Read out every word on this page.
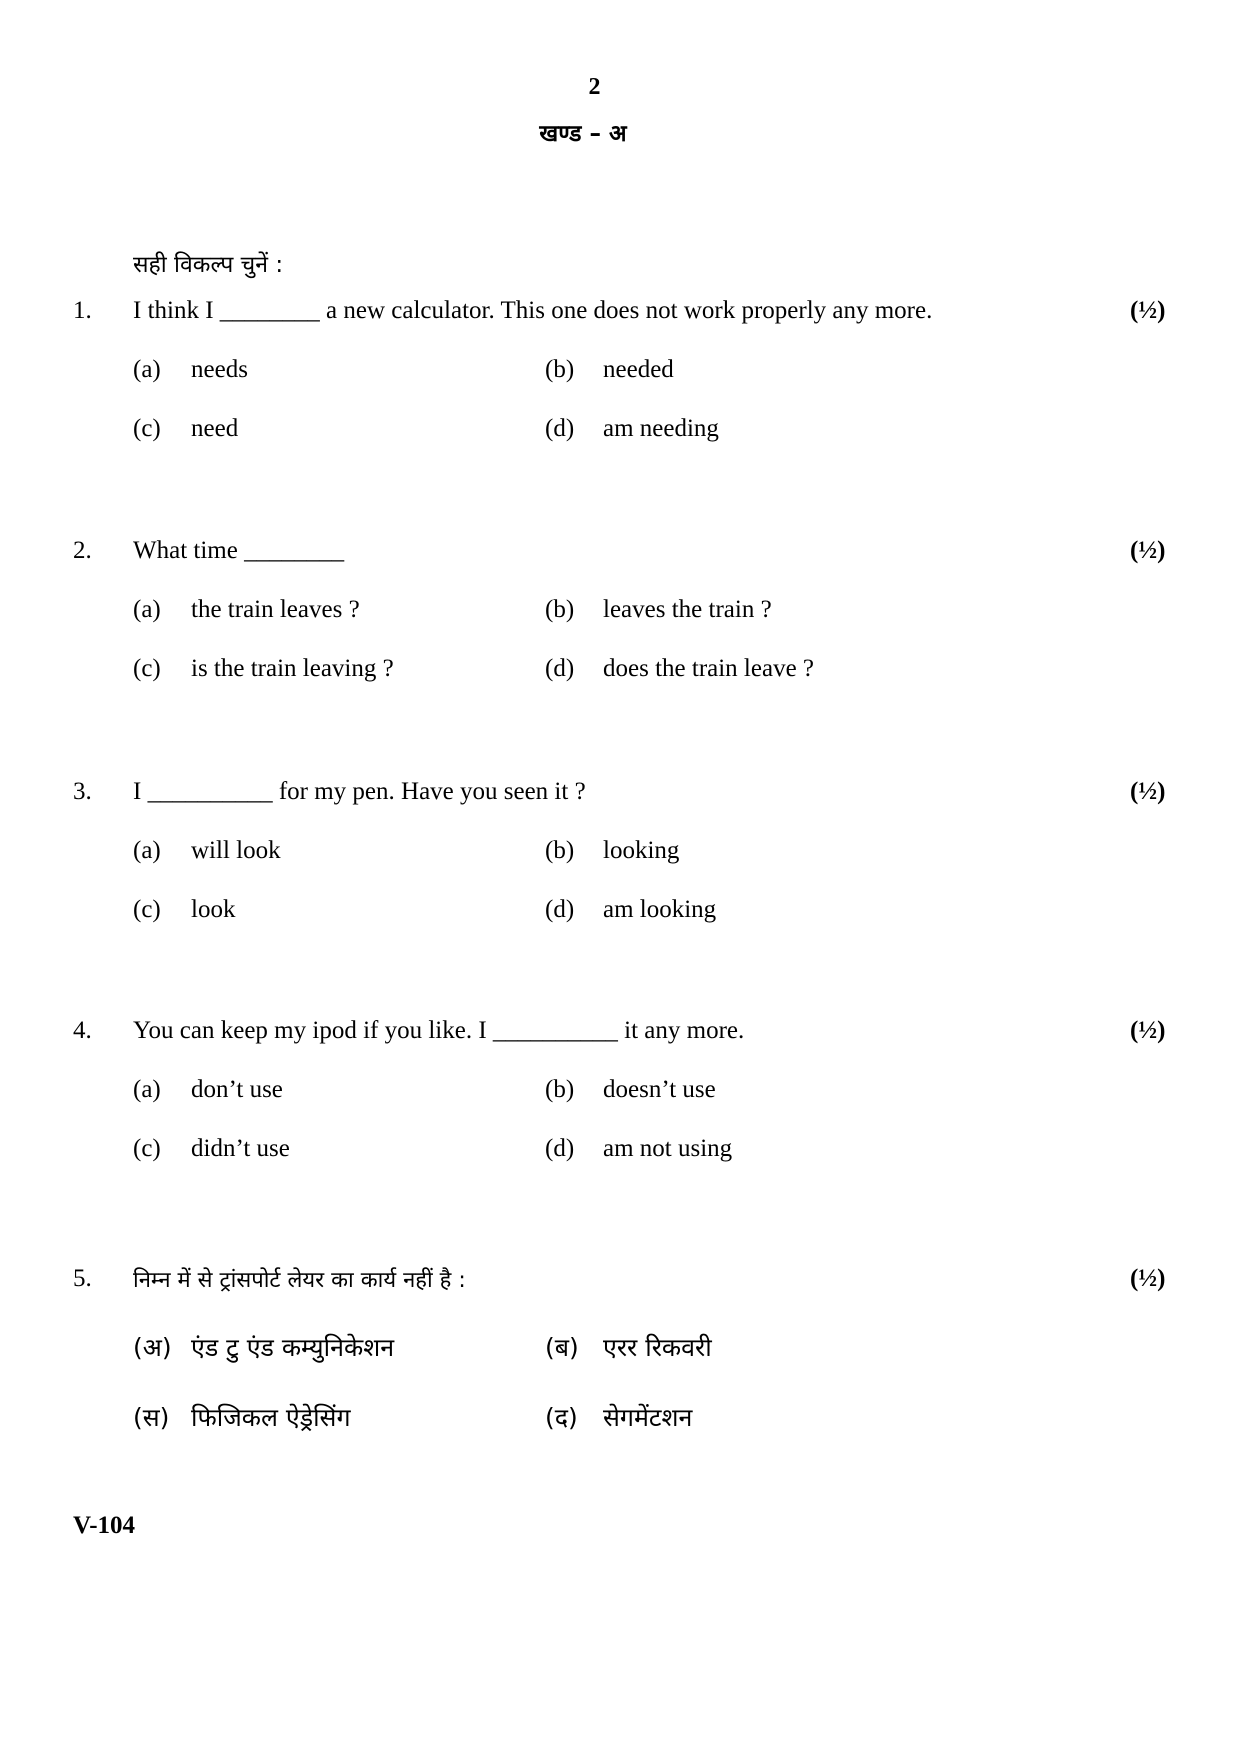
2
खण्ड – अ
सही विकल्प चुनें :
1. I think I ________ a new calculator. This one does not work properly any more.	(½)
(a) needs	(b) needed
(c) need	(d) am needing
2. What time ________	(½)
(a) the train leaves ?	(b) leaves the train ?
(c) is the train leaving ?	(d) does the train leave ?
3. I __________ for my pen. Have you seen it ?	(½)
(a) will look	(b) looking
(c) look	(d) am looking
4. You can keep my ipod if you like. I __________ it any more.	(½)
(a) don’t use	(b) doesn’t use
(c) didn’t use	(d) am not using
5. निम्न में से ट्रांसपोर्ट लेयर का कार्य नहीं है :	(½)
(अ) एंड टु एंड कम्युनिकेशन	(ब) एरर रिकवरी
(स) फिजिकल ऐड्रेसिंग	(द) सेगमेंटशन
V-104
